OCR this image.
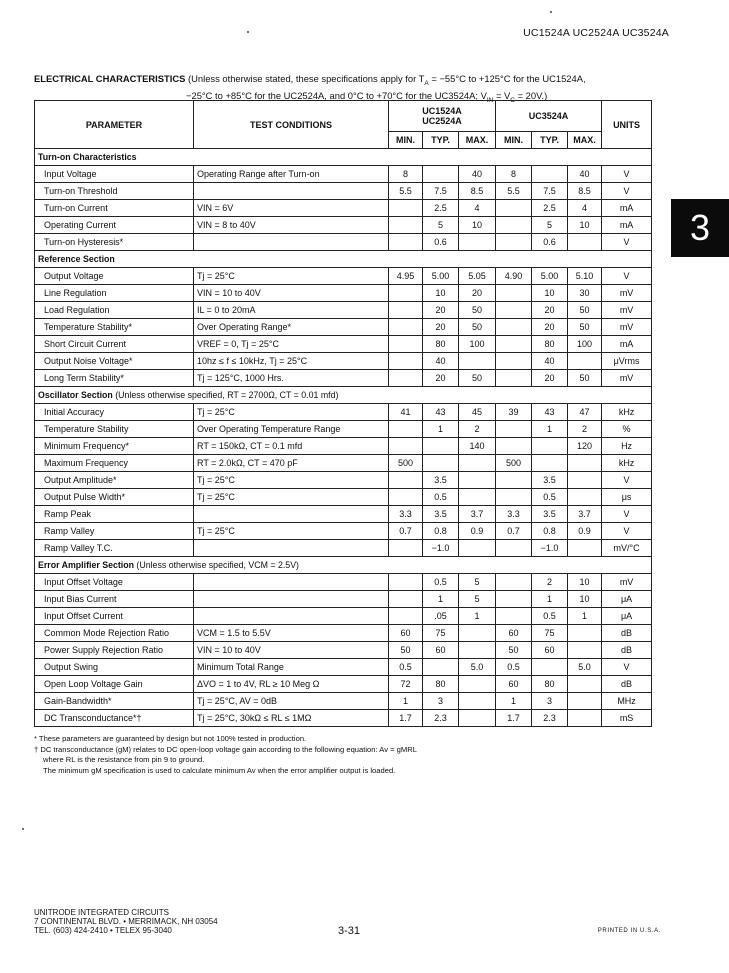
UC1524A UC2524A UC3524A
3
ELECTRICAL CHARACTERISTICS (Unless otherwise stated, these specifications apply for $T_A = -55^\circ C$ to +125°C for the UC1524A,
−25°C to +85°C for the UC2524A, and 0°C to +70°C for the UC3524A; $V_{IN} = V_C = 20V$.)
PARAMETER	TEST CONDITIONS	UC1524A
UC2524A			UC3524A			UNITS
		MIN.	TYP.	MAX.	MIN.	TYP.	MAX.	
Turn-on Characteristics								
Input Voltage	Operating Range after Turn-on	8		40	8		40	V
Turn-on Threshold		5.5	7.5	8.5	5.5	7.5	8.5	V
Turn-on Current	VIN = 6V		2.5	4		2.5	4	mA
Operating Current	VIN = 8 to 40V		5	10		5	10	mA
Turn-on Hysteresis*			0.6			0.6		V
Reference Section								
Output Voltage	Tj = 25°C	4.95	5.00	5.05	4.90	5.00	5.10	V
Line Regulation	VIN = 10 to 40V		10	20		10	30	mV
Load Regulation	IL = 0 to 20mA		20	50		20	50	mV
Temperature Stability*	Over Operating Range*		20	50		20	50	mV
Short Circuit Current	VREF = 0, Tj = 25°C		80	100		80	100	mA
Output Noise Voltage*	10hz ≤ f ≤ 10kHz, Tj = 25°C		40			40		μVrms
Long Term Stability*	Tj = 125°C, 1000 Hrs.		20	50		20	50	mV
Oscillator Section (Unless otherwise specified, RT = 2700Ω, CT = 0.01 mfd)								
Initial Accuracy	Tj = 25°C	41	43	45	39	43	47	kHz
Temperature Stability	Over Operating Temperature Range		1	2		1	2	%
Minimum Frequency*	RT = 150kΩ, CT = 0.1 mfd			140			120	Hz
Maximum Frequency	RT = 2.0kΩ, CT = 470 pF	500			500			kHz
Output Amplitude*	Tj = 25°C		3.5			3.5		V
Output Pulse Width*	Tj = 25°C		0.5			0.5		μs
Ramp Peak		3.3	3.5	3.7	3.3	3.5	3.7	V
Ramp Valley	Tj = 25°C	0.7	0.8	0.9	0.7	0.8	0.9	V
Ramp Valley T.C.			−1.0			−1.0		mV/°C
Error Amplifier Section (Unless otherwise specified, VCM = 2.5V)								
Input Offset Voltage			0.5	5		2	10	mV
Input Bias Current			1	5		1	10	μA
Input Offset Current			.05	1		0.5	1	μA
Common Mode Rejection Ratio	VCM = 1.5 to 5.5V	60	75		60	75		dB
Power Supply Rejection Ratio	VIN = 10 to 40V	50	60		50	60		dB
Output Swing	Minimum Total Range	0.5		5.0	0.5		5.0	V
Open Loop Voltage Gain	ΔVO = 1 to 4V, RL ≥ 10 Meg Ω	72	80		60	80		dB
Gain-Bandwidth*	Tj = 25°C, AV = 0dB	1	3		1	3		MHz
DC Transconductance*†	Tj = 25°C, 30kΩ ≤ RL ≤ 1MΩ	1.7	2.3		1.7	2.3		mS
* These parameters are guaranteed by design but not 100% tested in production.
† DC transconductance (gM) relates to DC open-loop voltage gain according to the following equation: Av = gMRL
where RL is the resistance from pin 9 to ground.
The minimum gM specification is used to calculate minimum Av when the error amplifier output is loaded.
UNITRODE INTEGRATED CIRCUITS
7 CONTINENTAL BLVD. • MERRIMACK, NH 03054
TEL. (603) 424-2410 • TELEX 95-3040	3-31	PRINTED IN U.S.A.
